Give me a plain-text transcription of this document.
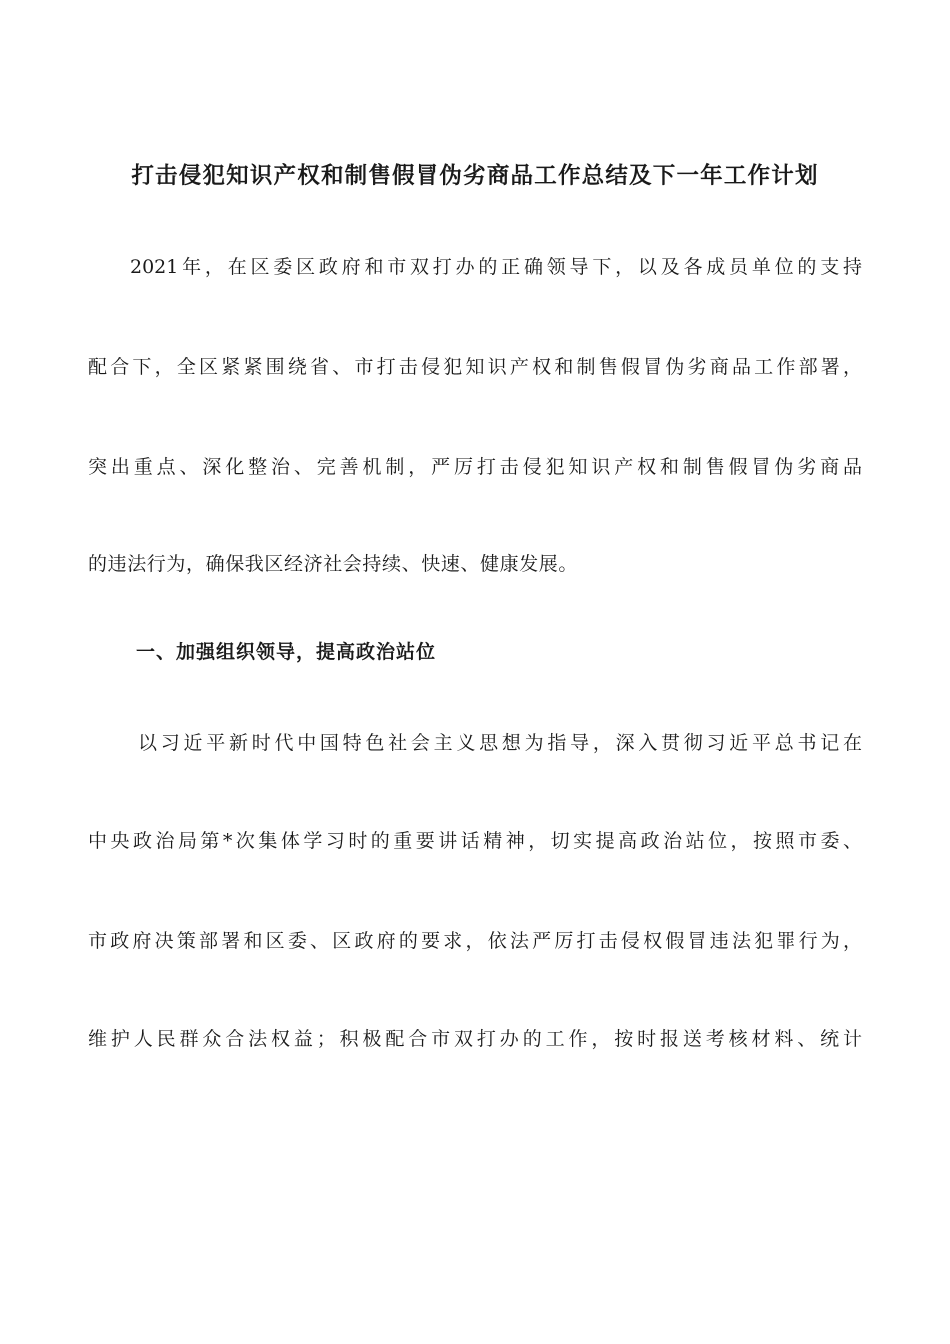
打击侵犯知识产权和制售假冒伪劣商品工作总结及下一年工作计划

2021年，在区委区政府和市双打办的正确领导下，以及各成员单位的支持

配合下，全区紧紧围绕省、市打击侵犯知识产权和制售假冒伪劣商品工作部署，

突出重点、深化整治、完善机制，严厉打击侵犯知识产权和制售假冒伪劣商品

的违法行为，确保我区经济社会持续、快速、健康发展。

一、加强组织领导，提高政治站位

以习近平新时代中国特色社会主义思想为指导，深入贯彻习近平总书记在

中央政治局第*次集体学习时的重要讲话精神，切实提高政治站位，按照市委、

市政府决策部署和区委、区政府的要求，依法严厉打击侵权假冒违法犯罪行为，

维护人民群众合法权益；积极配合市双打办的工作，按时报送考核材料、统计
